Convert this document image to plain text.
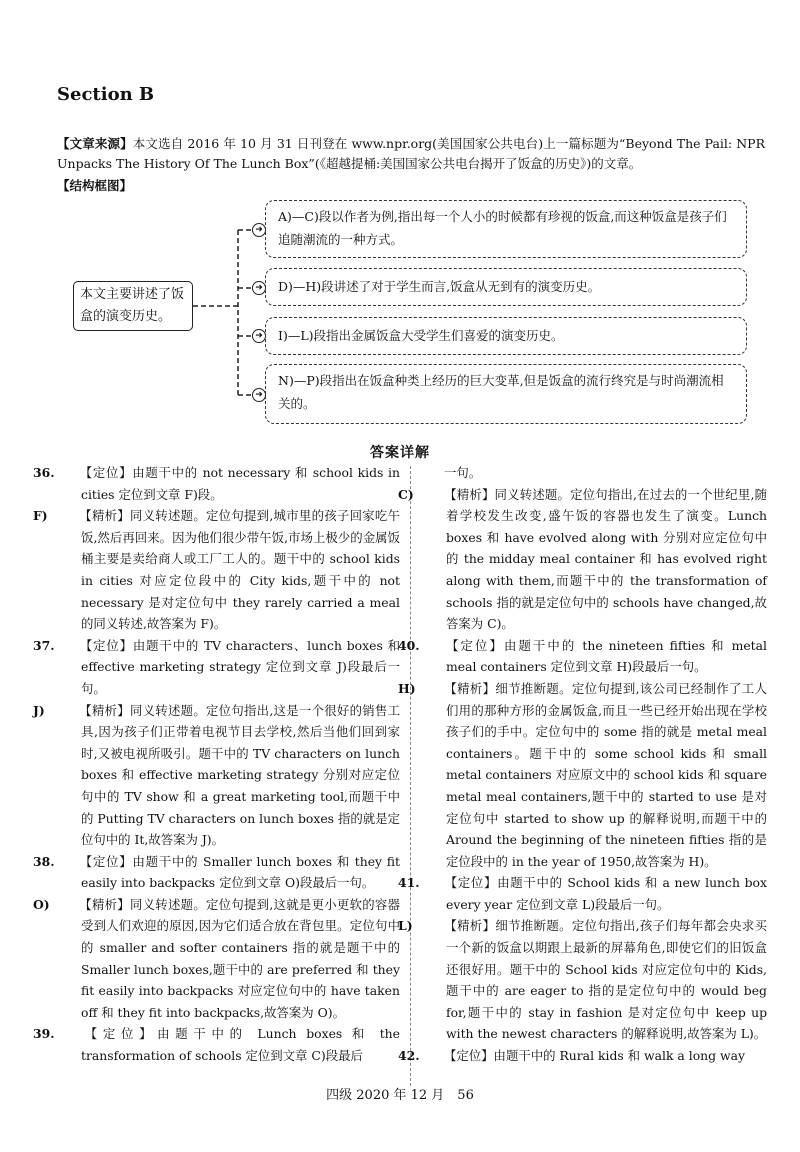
Section B
【文章来源】本文选自 2016 年 10 月 31 日刊登在 www.npr.org(美国国家公共电台)上一篇标题为“Beyond The Pail: NPR Unpacks The History Of The Lunch Box”(《超越提桶:美国国家公共电台揭开了饭盒的历史》)的文章。
【结构框图】
➜
➜
➜
➜
本文主要讲述了饭盒的演变历史。
A)—C)段以作者为例,指出每一个人小的时候都有珍视的饭盒,而这种饭盒是孩子们追随潮流的一种方式。
D)—H)段讲述了对于学生而言,饭盒从无到有的演变历史。
I)—L)段指出金属饭盒大受学生们喜爱的演变历史。
N)—P)段指出在饭盒种类上经历的巨大变革,但是饭盒的流行终究是与时尚潮流相关的。
答案详解

36. 【定位】由题干中的 not necessary 和 school kids in cities 定位到文章 F)段。

F)	【精析】同义转述题。定位句提到,城市里的孩子回家吃午饭,然后再回来。因为他们很少带午饭,市场上极少的金属饭桶主要是卖给商人或工厂工人的。题干中的 school kids in cities 对应定位段中的 City kids,题干中的 not necessary 是对定位句中 they rarely carried a meal 的同义转述,故答案为 F)。

37. 【定位】由题干中的 TV characters、lunch boxes 和 effective marketing strategy 定位到文章 J)段最后一句。

J)	【精析】同义转述题。定位句指出,这是一个很好的销售工具,因为孩子们正带着电视节目去学校,然后当他们回到家时,又被电视所吸引。题干中的 TV characters on lunch boxes 和 effective marketing strategy 分别对应定位句中的 TV show 和 a great marketing tool,而题干中的 Putting TV characters on lunch boxes 指的就是定位句中的 It,故答案为 J)。

38. 【定位】由题干中的 Smaller lunch boxes 和 they fit easily into backpacks 定位到文章 O)段最后一句。

O) 【精析】同义转述题。定位句提到,这就是更小更软的容器受到人们欢迎的原因,因为它们适合放在背包里。定位句中的 smaller and softer containers 指的就是题干中的 Smaller lunch boxes,题干中的 are preferred 和 they fit easily into backpacks 对应定位句中的 have taken off 和 they fit into backpacks,故答案为 O)。

39. 【定位】由题干中的 Lunch boxes 和 the transformation of schools 定位到文章 C)段最后

一句。

C) 【精析】同义转述题。定位句指出,在过去的一个世纪里,随着学校发生改变,盛午饭的容器也发生了演变。Lunch boxes 和 have evolved along with 分别对应定位句中的 the midday meal container 和 has evolved right along with them,而题干中的 the transformation of schools 指的就是定位句中的 schools have changed,故答案为 C)。

40. 【定位】由题干中的 the nineteen fifties 和 metal meal containers 定位到文章 H)段最后一句。

H) 【精析】细节推断题。定位句提到,该公司已经制作了工人们用的那种方形的金属饭盒,而且一些已经开始出现在学校孩子们的手中。定位句中的 some 指的就是 metal meal containers。题干中的 some school kids 和 small metal containers 对应原文中的 school kids 和 square metal meal containers,题干中的 started to use 是对定位句中 started to show up 的解释说明,而题干中的 Around the beginning of the nineteen fifties 指的是定位段中的 in the year of 1950,故答案为 H)。

41. 【定位】由题干中的 School kids 和 a new lunch box every year 定位到文章 L)段最后一句。

L)	【精析】细节推断题。定位句指出,孩子们每年都会央求买一个新的饭盒以期跟上最新的屏幕角色,即使它们的旧饭盒还很好用。题干中的 School kids 对应定位句中的 Kids,题干中的 are eager to 指的是定位句中的 would beg for,题干中的 stay in fashion 是对定位句中 keep up with the newest characters 的解释说明,故答案为 L)。

42. 【定位】由题干中的 Rural kids 和 walk a long way

四级 2020 年 12 月　56
